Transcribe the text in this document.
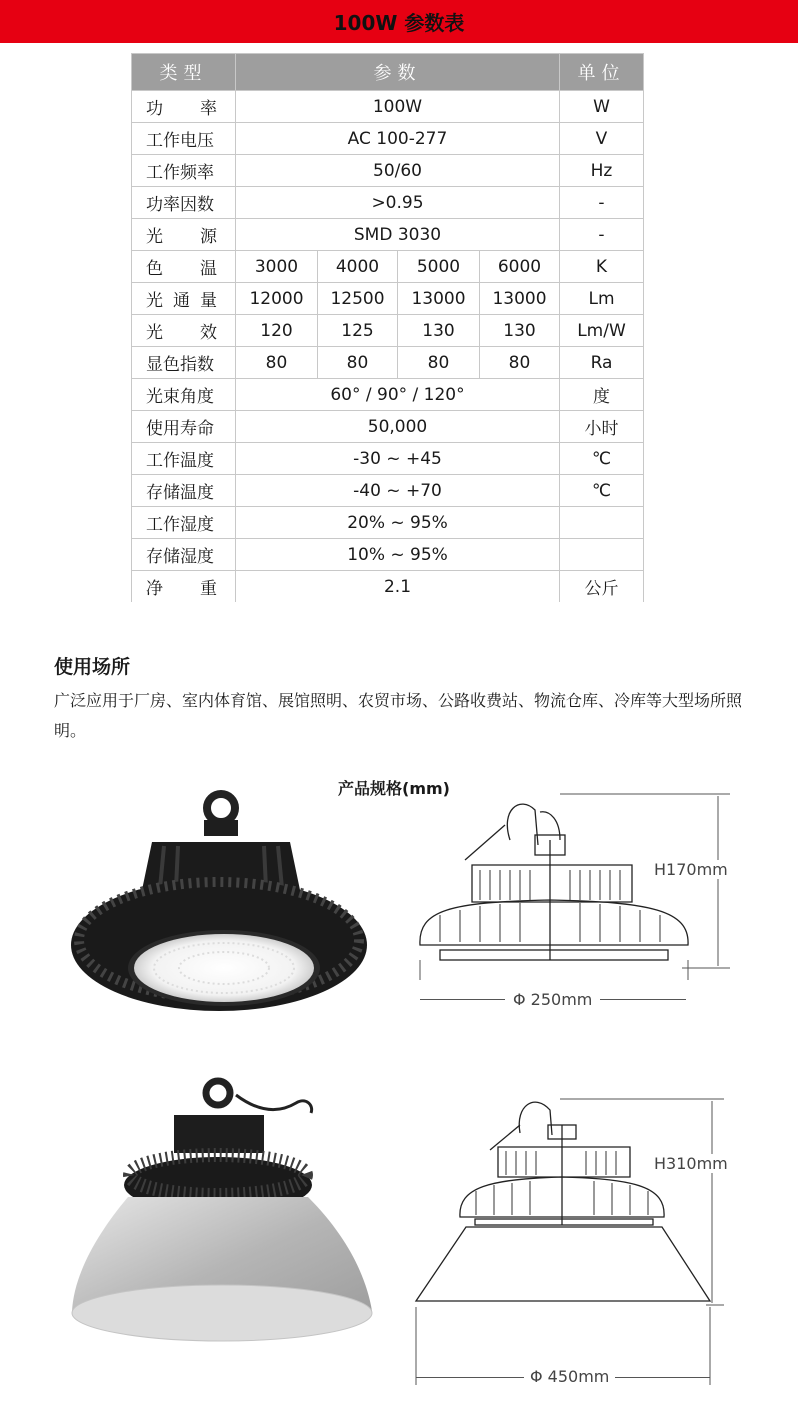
100W 参数表
类型	参数				单位
功率	100W				W
工作电压	AC 100-277				V
工作频率	50/60				Hz
功率因数	>0.95				-
光源	SMD 3030				-
色温	3000	4000	5000	6000	K
光通量	12000	12500	13000	13000	Lm
光效	120	125	130	130	Lm/W
显色指数	80	80	80	80	Ra
光束角度	60° / 90° / 120°				度
使用寿命	50,000				小时
工作温度	-30 ~ +45				℃
存储温度	-40 ~ +70				℃
工作湿度	20% ~ 95%				
存储湿度	10% ~ 95%				
净重	2.1				公斤
使用场所
广泛应用于厂房、室内体育馆、展馆照明、农贸市场、公路收费站、物流仓库、冷库等大型场所照明。
产品规格(mm)
H170mm
Φ 250mm
H310mm
Φ 450mm
